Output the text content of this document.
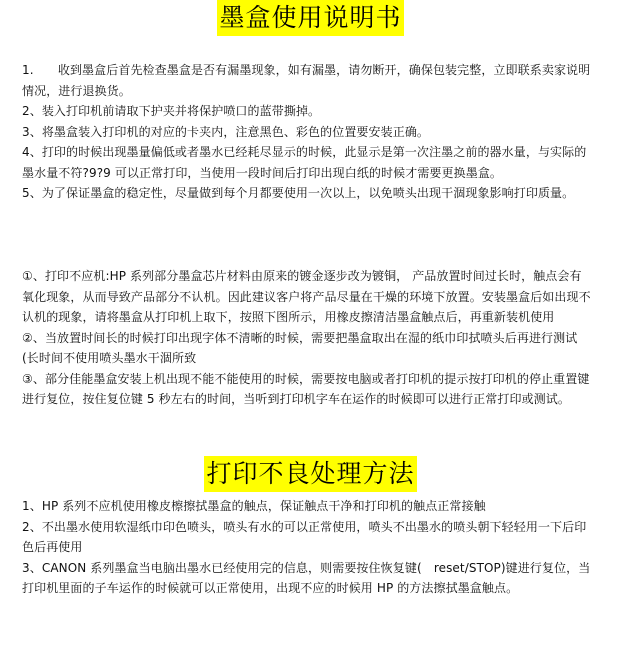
墨盒使用说明书

1.　　收到墨盒后首先检查墨盒是否有漏墨现象，如有漏墨，请勿断开，确保包装完整，立即联系卖家说明情况，进行退换货。

2、装入打印机前请取下护夹并将保护喷口的蓝带撕掉。

3、将墨盒装入打印机的对应的卡夹内，注意黑色、彩色的位置要安装正确。

4、打印的时候出现墨量偏低或者墨水已经耗尽显示的时候，此显示是第一次注墨之前的器水量，与实际的墨水量不符?9?9 可以正常打印，当使用一段时间后打印出现白纸的时候才需要更换墨盒。

5、为了保证墨盒的稳定性，尽量做到每个月都要使用一次以上，以免喷头出现干涸现象影响打印质量。

①、打印不应机:HP 系列部分墨盒芯片材料由原来的镀金逐步改为镀铜， 产品放置时间过长时，触点会有氧化现象，从而导致产品部分不认机。因此建议客户将产品尽量在干燥的环境下放置。安装墨盒后如出现不认机的现象，请将墨盒从打印机上取下，按照下图所示，用橡皮擦清洁墨盒触点后，再重新装机使用

②、当放置时间长的时候打印出现字体不清晰的时候，需要把墨盒取出在湿的纸巾印拭喷头后再进行测试(长时间不使用喷头墨水干涸所致

③、部分佳能墨盒安装上机出现不能不能使用的时候，需要按电脑或者打印机的提示按打印机的停止重置键进行复位，按住复位键 5 秒左右的时间，当听到打印机字车在运作的时候即可以进行正常打印或测试。

打印不良处理方法

1、HP 系列不应机使用橡皮檫擦拭墨盒的触点，保证触点干净和打印机的触点正常接触

2、不出墨水使用软湿纸巾印色喷头，喷头有水的可以正常使用，喷头不出墨水的喷头朝下轻轻用一下后印色后再使用

3、CANON 系列墨盒当电脑出墨水已经使用完的信息，则需要按住恢复键(　reset/STOP)键进行复位，当打印机里面的子车运作的时候就可以正常使用，出现不应的时候用 HP 的方法擦拭墨盒触点。
